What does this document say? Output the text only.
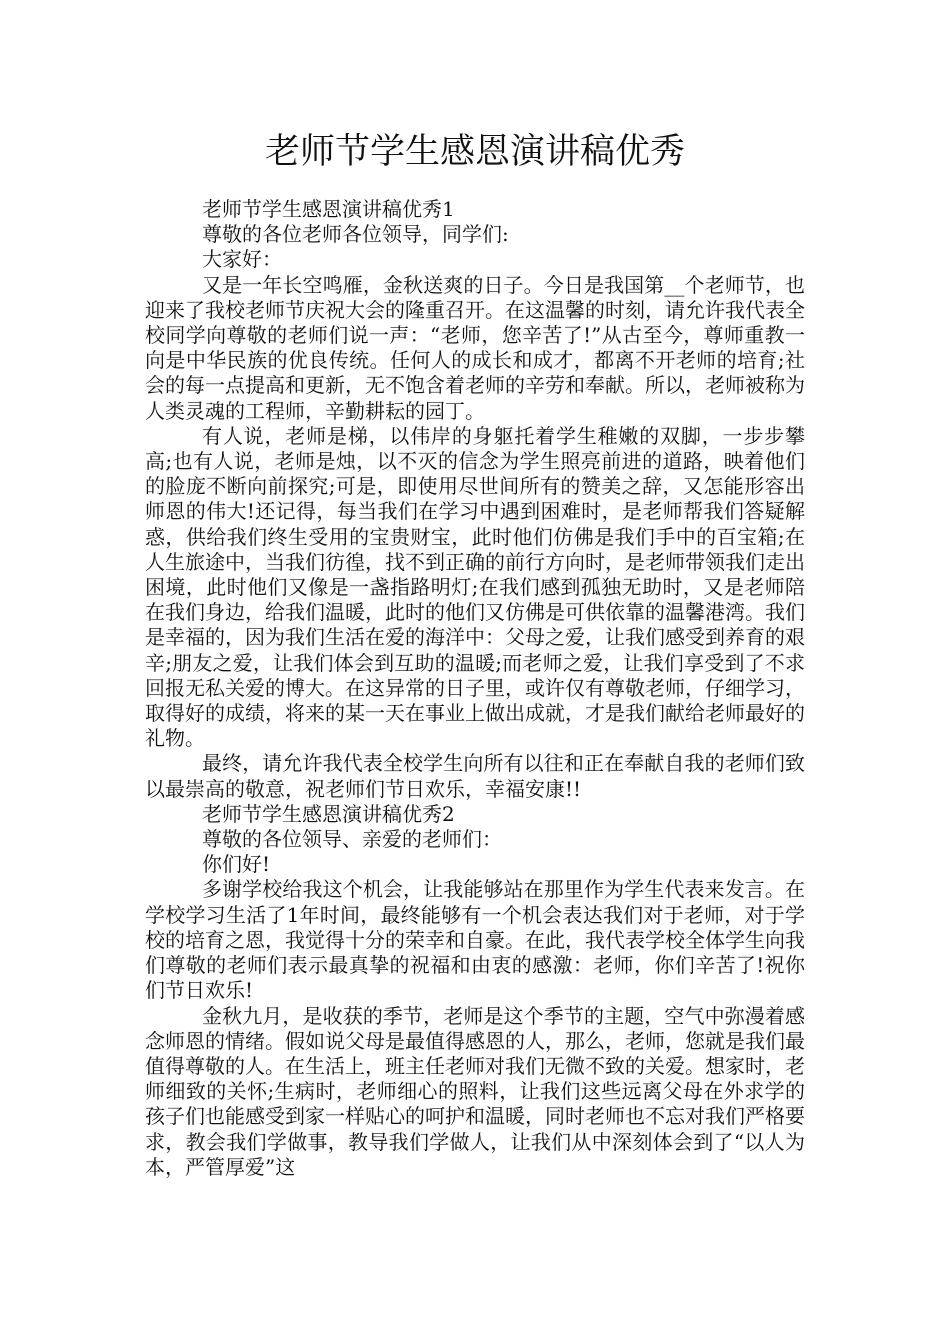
老师节学生感恩演讲稿优秀

老师节学生感恩演讲稿优秀1

尊敬的各位老师各位领导，同学们:

大家好：

又是一年长空鸣雁，金秋送爽的日子。今日是我国第__个老师节，也迎来了我校老师节庆祝大会的隆重召开。在这温馨的时刻，请允许我代表全校同学向尊敬的老师们说一声：“老师，您辛苦了!”从古至今，尊师重教一向是中华民族的优良传统。任何人的成长和成才，都离不开老师的培育;社会的每一点提高和更新，无不饱含着老师的辛劳和奉献。所以，老师被称为人类灵魂的工程师，辛勤耕耘的园丁。

有人说，老师是梯，以伟岸的身躯托着学生稚嫩的双脚，一步步攀高;也有人说，老师是烛，以不灭的信念为学生照亮前进的道路，映着他们的脸庞不断向前探究;可是，即使用尽世间所有的赞美之辞，又怎能形容出师恩的伟大!还记得，每当我们在学习中遇到困难时，是老师帮我们答疑解惑，供给我们终生受用的宝贵财宝，此时他们仿佛是我们手中的百宝箱;在人生旅途中，当我们彷徨，找不到正确的前行方向时，是老师带领我们走出困境，此时他们又像是一盏指路明灯;在我们感到孤独无助时，又是老师陪在我们身边，给我们温暖，此时的他们又仿佛是可供依靠的温馨港湾。我们是幸福的，因为我们生活在爱的海洋中：父母之爱，让我们感受到养育的艰辛;朋友之爱，让我们体会到互助的温暖;而老师之爱，让我们享受到了不求回报无私关爱的博大。在这异常的日子里，或许仅有尊敬老师，仔细学习，取得好的成绩，将来的某一天在事业上做出成就，才是我们献给老师最好的礼物。

最终，请允许我代表全校学生向所有以往和正在奉献自我的老师们致以最崇高的敬意，祝老师们节日欢乐，幸福安康!!

老师节学生感恩演讲稿优秀2

尊敬的各位领导、亲爱的老师们：

你们好!

多谢学校给我这个机会，让我能够站在那里作为学生代表来发言。在学校学习生活了1年时间，最终能够有一个机会表达我们对于老师，对于学校的培育之恩，我觉得十分的荣幸和自豪。在此，我代表学校全体学生向我们尊敬的老师们表示最真挚的祝福和由衷的感激：老师，你们辛苦了!祝你们节日欢乐!

金秋九月，是收获的季节，老师是这个季节的主题，空气中弥漫着感念师恩的情绪。假如说父母是最值得感恩的人，那么，老师，您就是我们最值得尊敬的人。在生活上，班主任老师对我们无微不致的关爱。想家时，老师细致的关怀;生病时，老师细心的照料，让我们这些远离父母在外求学的孩子们也能感受到家一样贴心的呵护和温暖，同时老师也不忘对我们严格要求，教会我们学做事，教导我们学做人，让我们从中深刻体会到了“以人为本，严管厚爱”这
